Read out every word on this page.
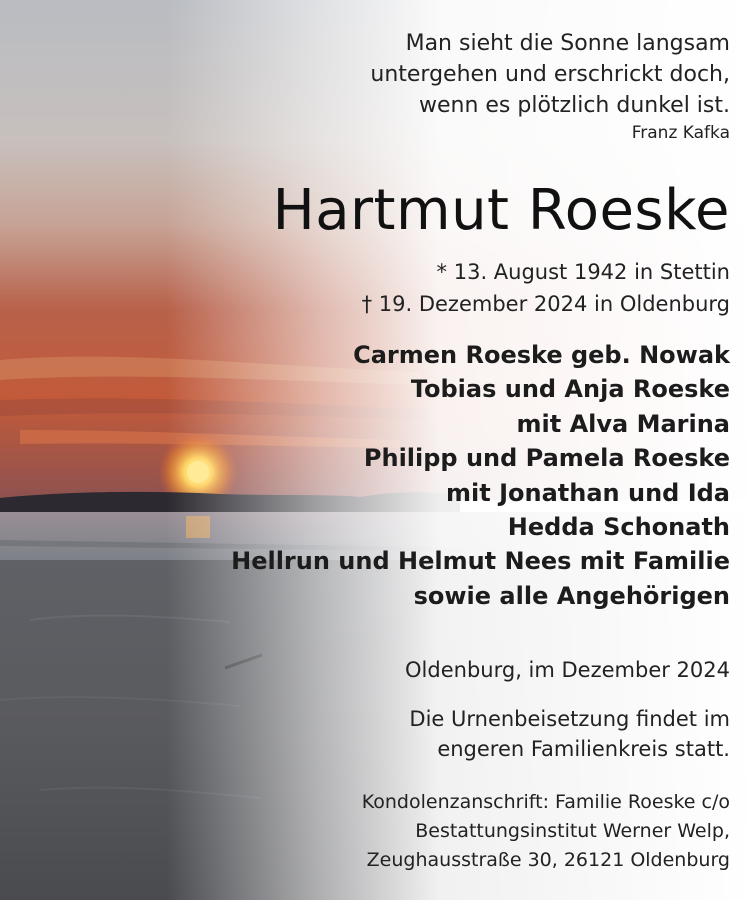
Man sieht die Sonne langsam
untergehen und erschrickt doch,
wenn es plötzlich dunkel ist.
Franz Kafka
Hartmut Roeske
* 13. August 1942 in Stettin
† 19. Dezember 2024 in Oldenburg
Carmen Roeske geb. Nowak
Tobias und Anja Roeske
mit Alva Marina
Philipp und Pamela Roeske
mit Jonathan und Ida
Hedda Schonath
Hellrun und Helmut Nees mit Familie
sowie alle Angehörigen
Oldenburg, im Dezember 2024
Die Urnenbeisetzung findet im
engeren Familienkreis statt.
Kondolenzanschrift: Familie Roeske c/o
Bestattungsinstitut Werner Welp,
Zeughausstraße 30, 26121 Oldenburg
